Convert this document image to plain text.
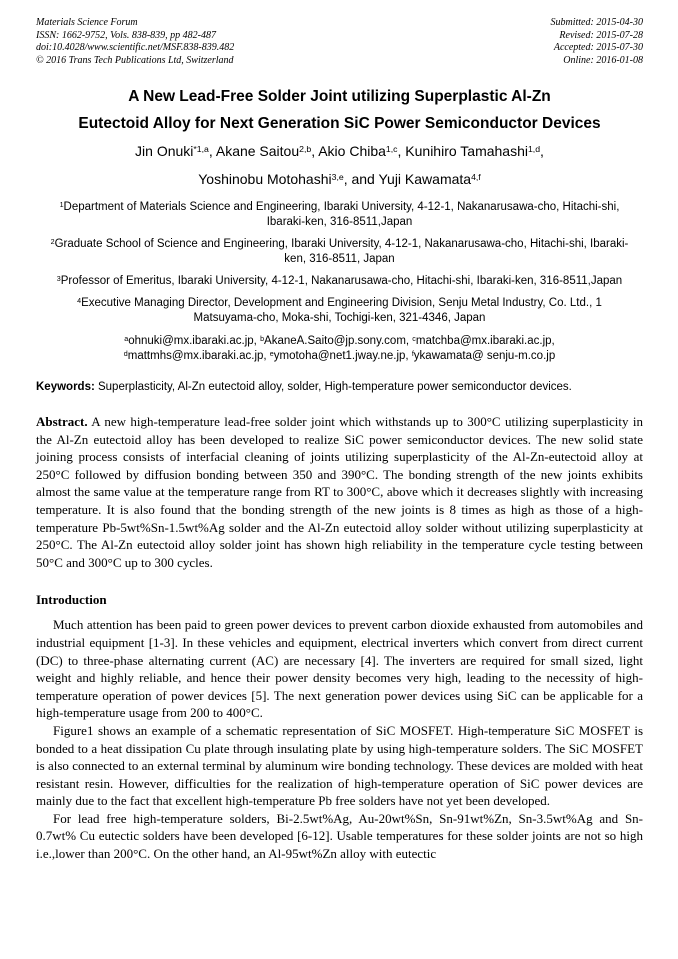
Materials Science Forum
ISSN: 1662-9752, Vols. 838-839, pp 482-487
doi:10.4028/www.scientific.net/MSF.838-839.482
© 2016 Trans Tech Publications Ltd, Switzerland
Submitted: 2015-04-30
Revised: 2015-07-28
Accepted: 2015-07-30
Online: 2016-01-08
A New Lead-Free Solder Joint utilizing Superplastic Al-Zn
Eutectoid Alloy for Next Generation SiC Power Semiconductor Devices
Jin Onuki$^{*1,a}$, Akane Saitou$^{2,b}$, Akio Chiba$^{1,c}$, Kunihiro Tamahashi$^{1,d}$,
Yoshinobu Motohashi$^{3,e}$, and Yuji Kawamata$^{4,f}$
$^1$Department of Materials Science and Engineering, Ibaraki University, 4-12-1, Nakanarusawa-cho, Hitachi-shi, Ibaraki-ken, 316-8511,Japan
$^2$Graduate School of Science and Engineering, Ibaraki University, 4-12-1, Nakanarusawa-cho, Hitachi-shi, Ibaraki-ken, 316-8511, Japan
$^3$Professor of Emeritus, Ibaraki University, 4-12-1, Nakanarusawa-cho, Hitachi-shi, Ibaraki-ken, 316-8511,Japan
$^4$Executive Managing Director, Development and Engineering Division, Senju Metal Industry, Co. Ltd., 1 Matsuyama-cho, Moka-shi, Tochigi-ken, 321-4346, Japan
$^a$ohnuki@mx.ibaraki.ac.jp, $^b$AkaneA.Saito@jp.sony.com, $^c$matchba@mx.ibaraki.ac.jp,
$^d$mattmhs@mx.ibaraki.ac.jp, $^e$ymotoha@net1.jway.ne.jp, $^f$ykawamata@ senju-m.co.jp
Keywords: Superplasticity, Al-Zn eutectoid alloy, solder, High-temperature power semiconductor devices.
Abstract. A new high-temperature lead-free solder joint which withstands up to 300°C utilizing superplasticity in the Al-Zn eutectoid alloy has been developed to realize SiC power semiconductor devices. The new solid state joining process consists of interfacial cleaning of joints utilizing superplasticity of the Al-Zn-eutectoid alloy at 250°C followed by diffusion bonding between 350 and 390°C. The bonding strength of the new joints exhibits almost the same value at the temperature range from RT to 300°C, above which it decreases slightly with increasing temperature. It is also found that the bonding strength of the new joints is 8 times as high as those of a high-temperature Pb-5wt%Sn-1.5wt%Ag solder and the Al-Zn eutectoid alloy solder without utilizing superplasticity at 250°C. The Al-Zn eutectoid alloy solder joint has shown high reliability in the temperature cycle testing between 50°C and 300°C up to 300 cycles.
Introduction

Much attention has been paid to green power devices to prevent carbon dioxide exhausted from automobiles and industrial equipment [1-3]. In these vehicles and equipment, electrical inverters which convert from direct current (DC) to three-phase alternating current (AC) are necessary [4]. The inverters are required for small sized, light weight and highly reliable, and hence their power density becomes very high, leading to the necessity of high-temperature operation of power devices [5]. The next generation power devices using SiC can be applicable for a high-temperature usage from 200 to 400°C.

Figure1 shows an example of a schematic representation of SiC MOSFET. High-temperature SiC MOSFET is bonded to a heat dissipation Cu plate through insulating plate by using high-temperature solders. The SiC MOSFET is also connected to an external terminal by aluminum wire bonding technology. These devices are molded with heat resistant resin. However, difficulties for the realization of high-temperature operation of SiC power devices are mainly due to the fact that excellent high-temperature Pb free solders have not yet been developed.

For lead free high-temperature solders, Bi-2.5wt%Ag, Au-20wt%Sn, Sn-91wt%Zn, Sn-3.5wt%Ag and Sn-0.7wt% Cu eutectic solders have been developed [6-12]. Usable temperatures for these solder joints are not so high i.e.,lower than 200°C. On the other hand, an Al-95wt%Zn alloy with eutectic
